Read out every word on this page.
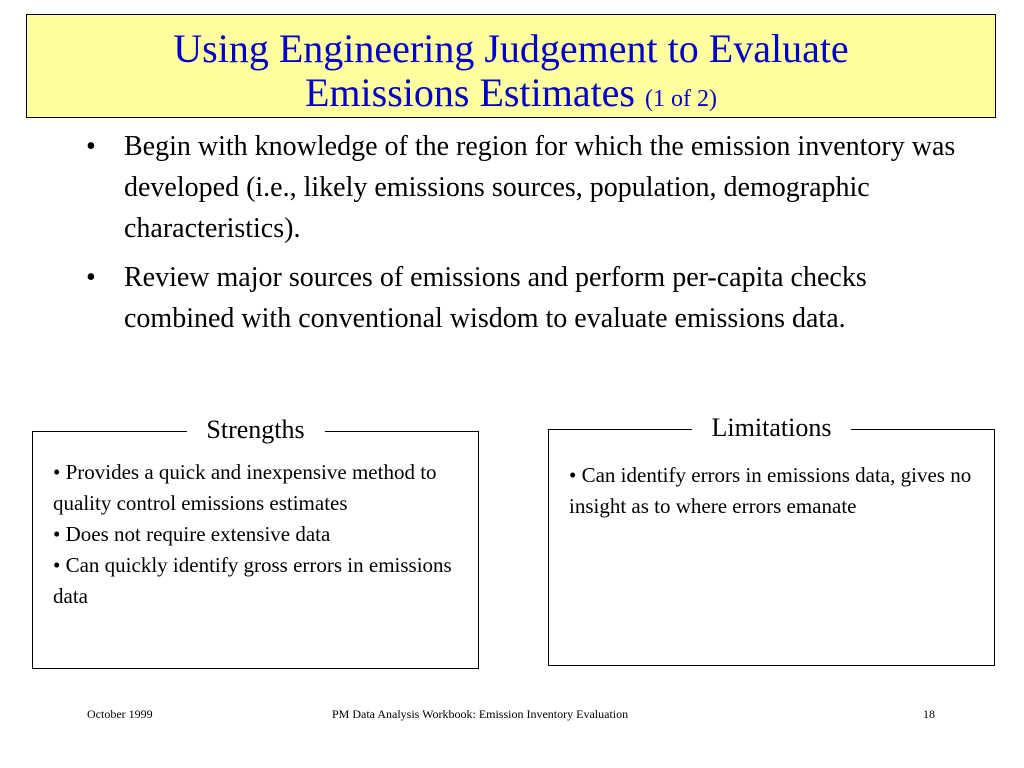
Using Engineering Judgement to Evaluate
Emissions Estimates (1 of 2)
• Begin with knowledge of the region for which the emission inventory was developed (i.e., likely emissions sources, population, demographic characteristics).
• Review major sources of emissions and perform per-capita checks combined with conventional wisdom to evaluate emissions data.
Strengths
• Provides a quick and inexpensive method to quality control emissions estimates
• Does not require extensive data
• Can quickly identify gross errors in emissions data
Limitations
• Can identify errors in emissions data, gives no insight as to where errors emanate
October 1999	PM Data Analysis Workbook: Emission Inventory Evaluation	18
